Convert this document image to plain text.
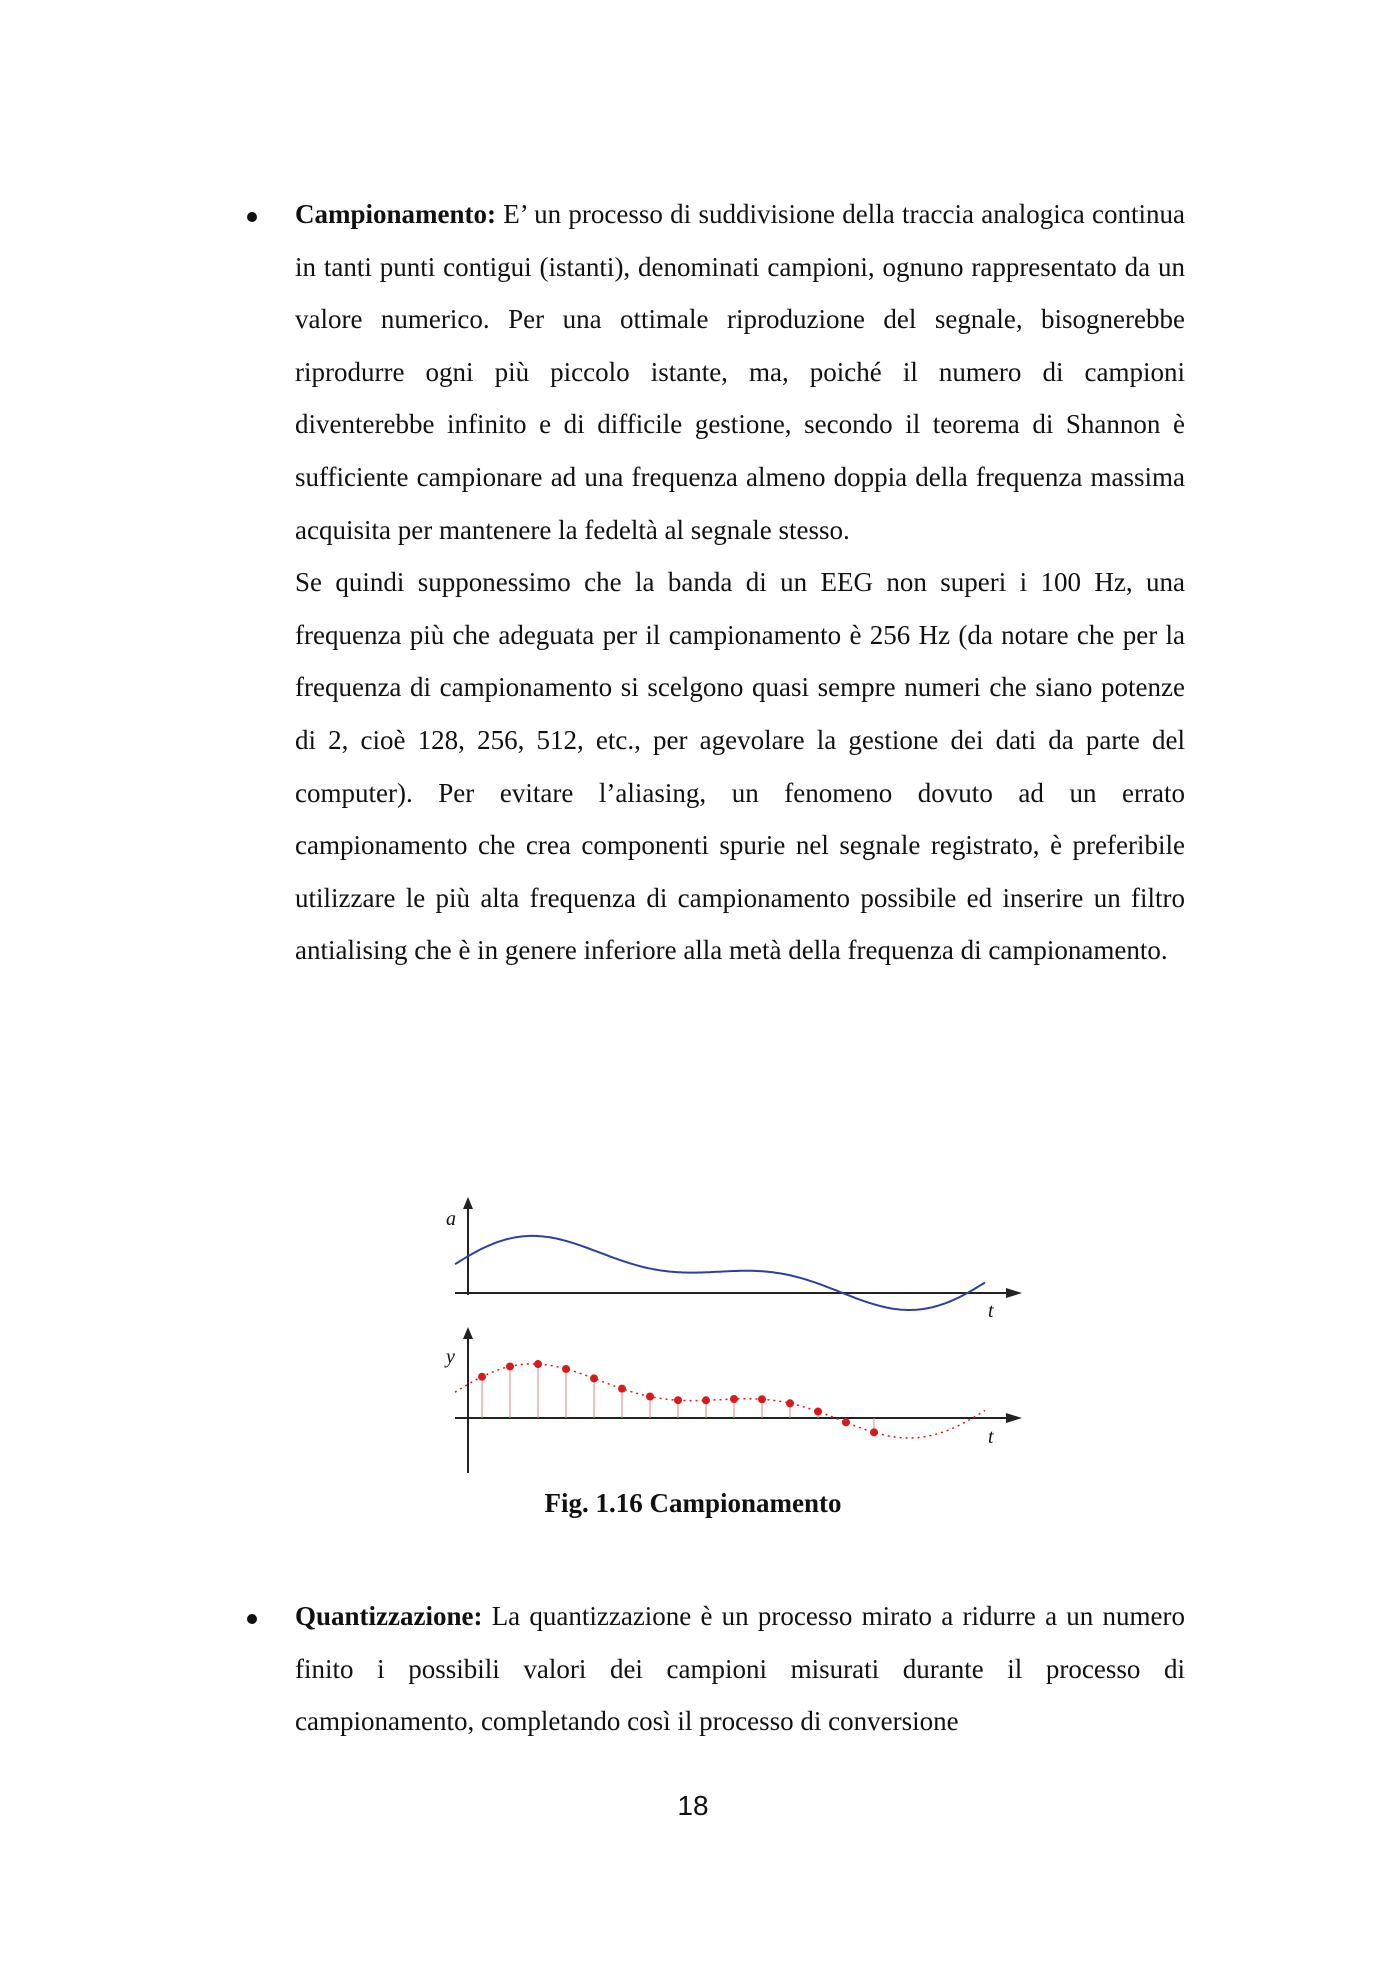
Campionamento: E’ un processo di suddivisione della traccia analogica continua in tanti punti contigui (istanti), denominati campioni, ognuno rappresentato da un valore numerico. Per una ottimale riproduzione del segnale, bisognerebbe riprodurre ogni più piccolo istante, ma, poiché il numero di campioni diventerebbe infinito e di difficile gestione, secondo il teorema di Shannon è sufficiente campionare ad una frequenza almeno doppia della frequenza massima acquisita per mantenere la fedeltà al segnale stesso.
Se quindi supponessimo che la banda di un EEG non superi i 100 Hz, una frequenza più che adeguata per il campionamento è 256 Hz (da notare che per la frequenza di campionamento si scelgono quasi sempre numeri che siano potenze di 2, cioè 128, 256, 512, etc., per agevolare la gestione dei dati da parte del computer). Per evitare l’aliasing, un fenomeno dovuto ad un errato campionamento che crea componenti spurie nel segnale registrato, è preferibile utilizzare le più alta frequenza di campionamento possibile ed inserire un filtro antialising che è in genere inferiore alla metà della frequenza di campionamento.
a
t
y
t
Fig. 1.16 Campionamento
Quantizzazione: La quantizzazione è un processo mirato a ridurre a un numero finito i possibili valori dei campioni misurati durante il processo di campionamento, completando così il processo di conversione
18
